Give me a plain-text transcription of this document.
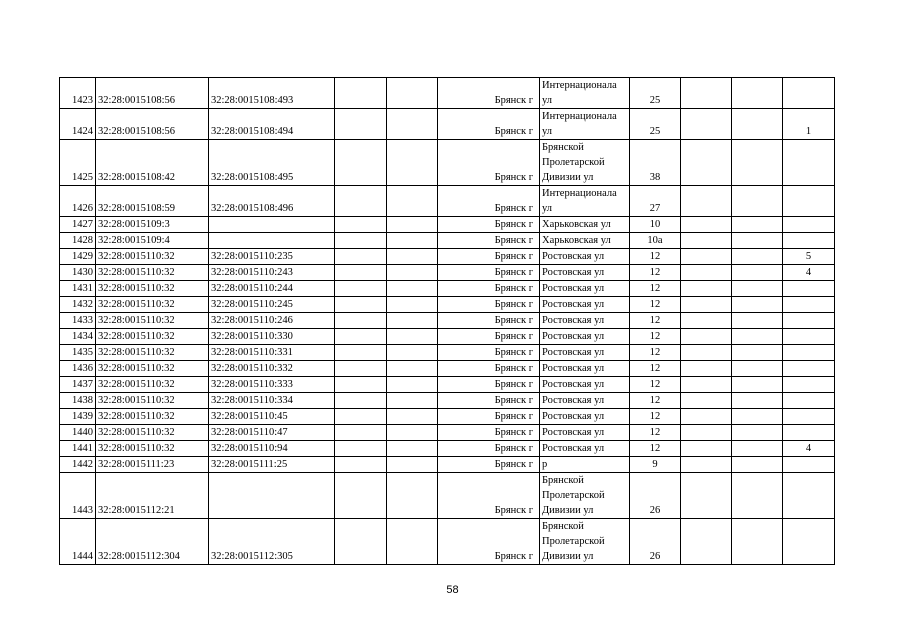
1423	32:28:0015108:56	32:28:0015108:493			Брянск г	Интернационала
ул	25			
1424	32:28:0015108:56	32:28:0015108:494			Брянск г	Интернационала
ул	25			1
1425	32:28:0015108:42	32:28:0015108:495			Брянск г	Брянской
Пролетарской
Дивизии ул	38			
1426	32:28:0015108:59	32:28:0015108:496			Брянск г	Интернационала
ул	27			
1427	32:28:0015109:3				Брянск г	Харьковская ул	10			
1428	32:28:0015109:4				Брянск г	Харьковская ул	10а			
1429	32:28:0015110:32	32:28:0015110:235			Брянск г	Ростовская ул	12			5
1430	32:28:0015110:32	32:28:0015110:243			Брянск г	Ростовская ул	12			4
1431	32:28:0015110:32	32:28:0015110:244			Брянск г	Ростовская ул	12			
1432	32:28:0015110:32	32:28:0015110:245			Брянск г	Ростовская ул	12			
1433	32:28:0015110:32	32:28:0015110:246			Брянск г	Ростовская ул	12			
1434	32:28:0015110:32	32:28:0015110:330			Брянск г	Ростовская ул	12			
1435	32:28:0015110:32	32:28:0015110:331			Брянск г	Ростовская ул	12			
1436	32:28:0015110:32	32:28:0015110:332			Брянск г	Ростовская ул	12			
1437	32:28:0015110:32	32:28:0015110:333			Брянск г	Ростовская ул	12			
1438	32:28:0015110:32	32:28:0015110:334			Брянск г	Ростовская ул	12			
1439	32:28:0015110:32	32:28:0015110:45			Брянск г	Ростовская ул	12			
1440	32:28:0015110:32	32:28:0015110:47			Брянск г	Ростовская ул	12			
1441	32:28:0015110:32	32:28:0015110:94			Брянск г	Ростовская ул	12			4
1442	32:28:0015111:23	32:28:0015111:25			Брянск г	р	9			
1443	32:28:0015112:21				Брянск г	Брянской
Пролетарской
Дивизии ул	26			
1444	32:28:0015112:304	32:28:0015112:305			Брянск г	Брянской
Пролетарской
Дивизии ул	26			
58
